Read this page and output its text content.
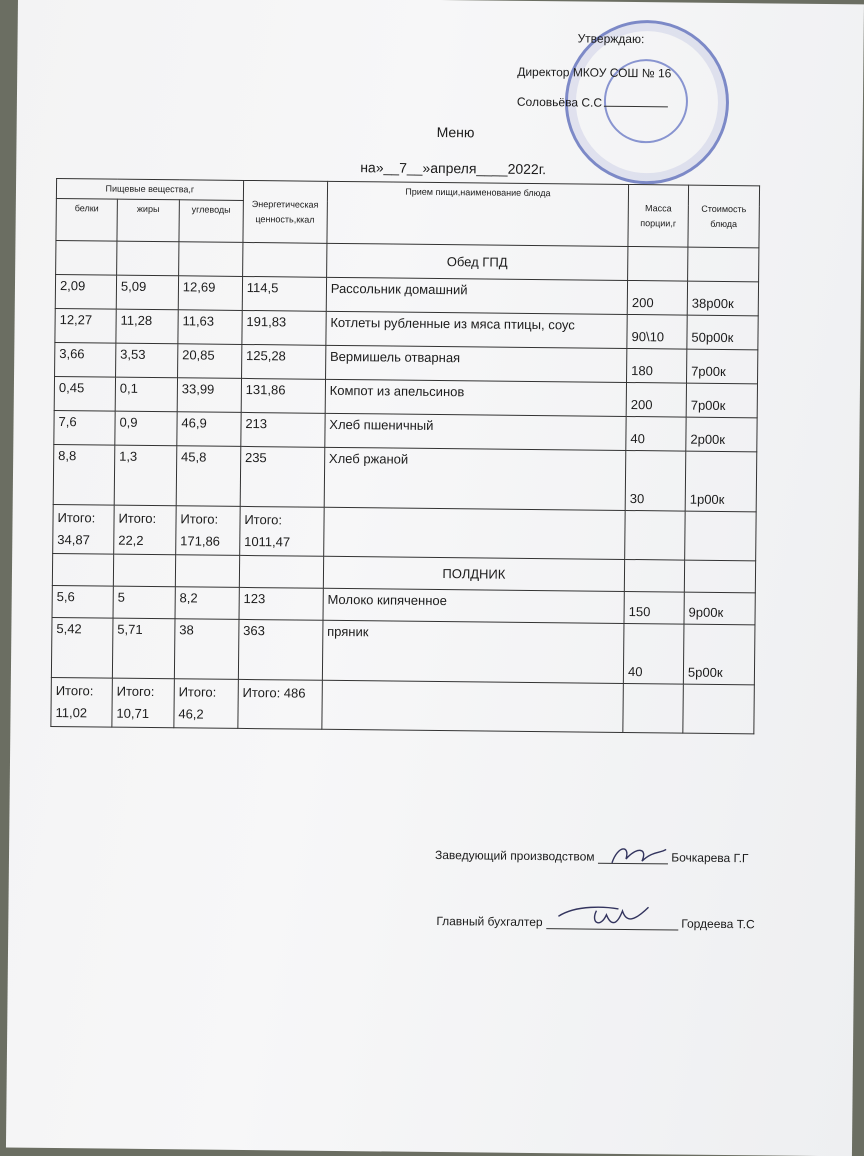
Утверждаю:
Директор МКОУ СОШ № 16
Соловьёва С.С
Меню
на»__7__»апреля____2022г.
Пищевые вещества,г			Энергетическая ценность,ккал	Прием пищи,наименование блюда	Масса порции,г	Стоимость блюда
белки	жиры	углеводы				
				Обед ГПД		
2,09	5,09	12,69	114,5	Рассольник домашний	200	38р00к
12,27	11,28	11,63	191,83	Котлеты рубленные из мяса птицы, соус	90\10	50р00к
3,66	3,53	20,85	125,28	Вермишель отварная	180	7р00к
0,45	0,1	33,99	131,86	Компот из апельсинов	200	7р00к
7,6	0,9	46,9	213	Хлеб пшеничный	40	2р00к
8,8	1,3	45,8	235	Хлеб ржаной	30	1р00к
Итого: 34,87	Итого: 22,2	Итого: 171,86	Итого: 1011,47			
				ПОЛДНИК		
5,6	5	8,2	123	Молоко кипяченное	150	9р00к
5,42	5,71	38	363	пряник	40	5р00к
Итого: 11,02	Итого: 10,71	Итого: 46,2	Итого: 486			
Заведующий производством	Бочкарева Г.Г
Главный бухгалтер	Гордеева Т.С
